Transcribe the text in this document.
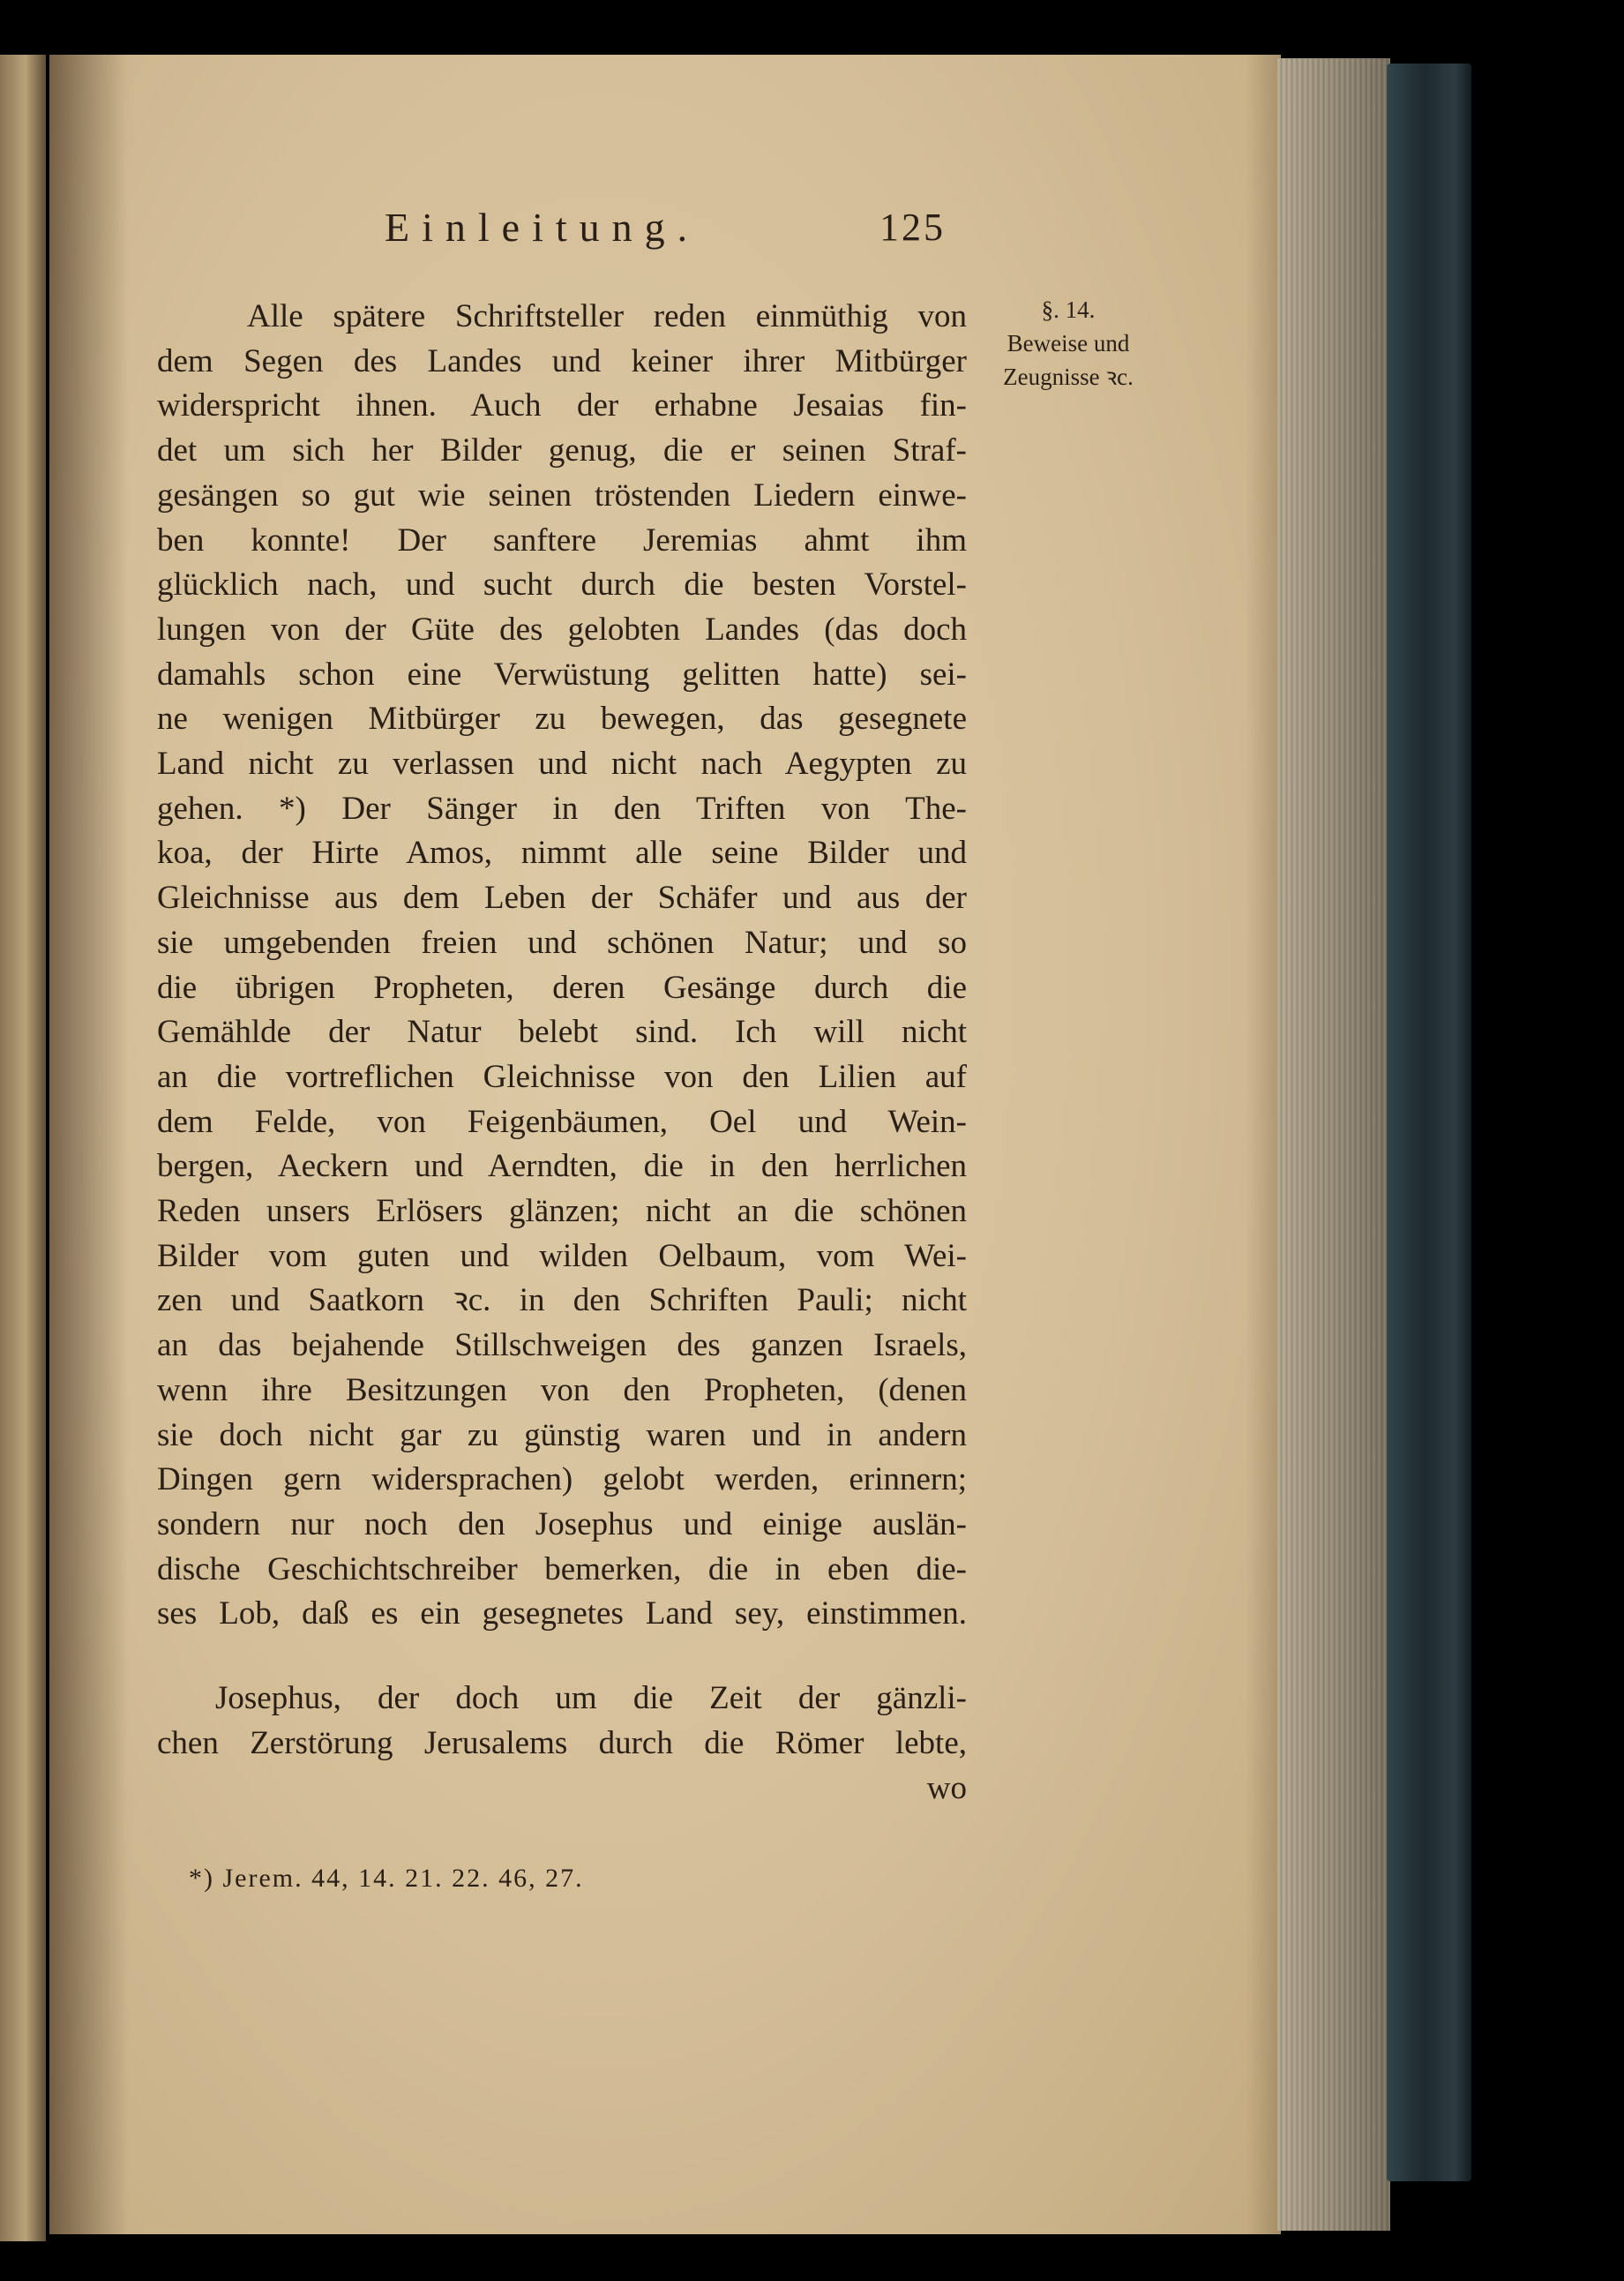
Einleitung.	125
§. 14.
Beweise und
Zeugnisse ꝛc.
Alle spätere Schriftsteller reden einmüthig von
dem Segen des Landes und keiner ihrer Mitbürger
widerspricht ihnen. Auch der erhabne Jesaias fin-
det um sich her Bilder genug, die er seinen Straf-
gesängen so gut wie seinen tröstenden Liedern einwe-
ben konnte! Der sanftere Jeremias ahmt ihm
glücklich nach, und sucht durch die besten Vorstel-
lungen von der Güte des gelobten Landes (das doch
damahls schon eine Verwüstung gelitten hatte) sei-
ne wenigen Mitbürger zu bewegen, das gesegnete
Land nicht zu verlassen und nicht nach Aegypten zu
gehen. *) Der Sänger in den Triften von The-
koa, der Hirte Amos, nimmt alle seine Bilder und
Gleichnisse aus dem Leben der Schäfer und aus der
sie umgebenden freien und schönen Natur; und so
die übrigen Propheten, deren Gesänge durch die
Gemählde der Natur belebt sind. Ich will nicht
an die vortreflichen Gleichnisse von den Lilien auf
dem Felde, von Feigenbäumen, Oel und Wein-
bergen, Aeckern und Aerndten, die in den herrlichen
Reden unsers Erlösers glänzen; nicht an die schönen
Bilder vom guten und wilden Oelbaum, vom Wei-
zen und Saatkorn ꝛc. in den Schriften Pauli; nicht
an das bejahende Stillschweigen des ganzen Israels,
wenn ihre Besitzungen von den Propheten, (denen
sie doch nicht gar zu günstig waren und in andern
Dingen gern widersprachen) gelobt werden, erinnern;
sondern nur noch den Josephus und einige auslän-
dische Geschichtschreiber bemerken, die in eben die-
ses Lob, daß es ein gesegnetes Land sey, einstimmen.
Josephus, der doch um die Zeit der gänzli-
chen Zerstörung Jerusalems durch die Römer lebte,
wo
*) Jerem. 44, 14. 21. 22. 46, 27.
